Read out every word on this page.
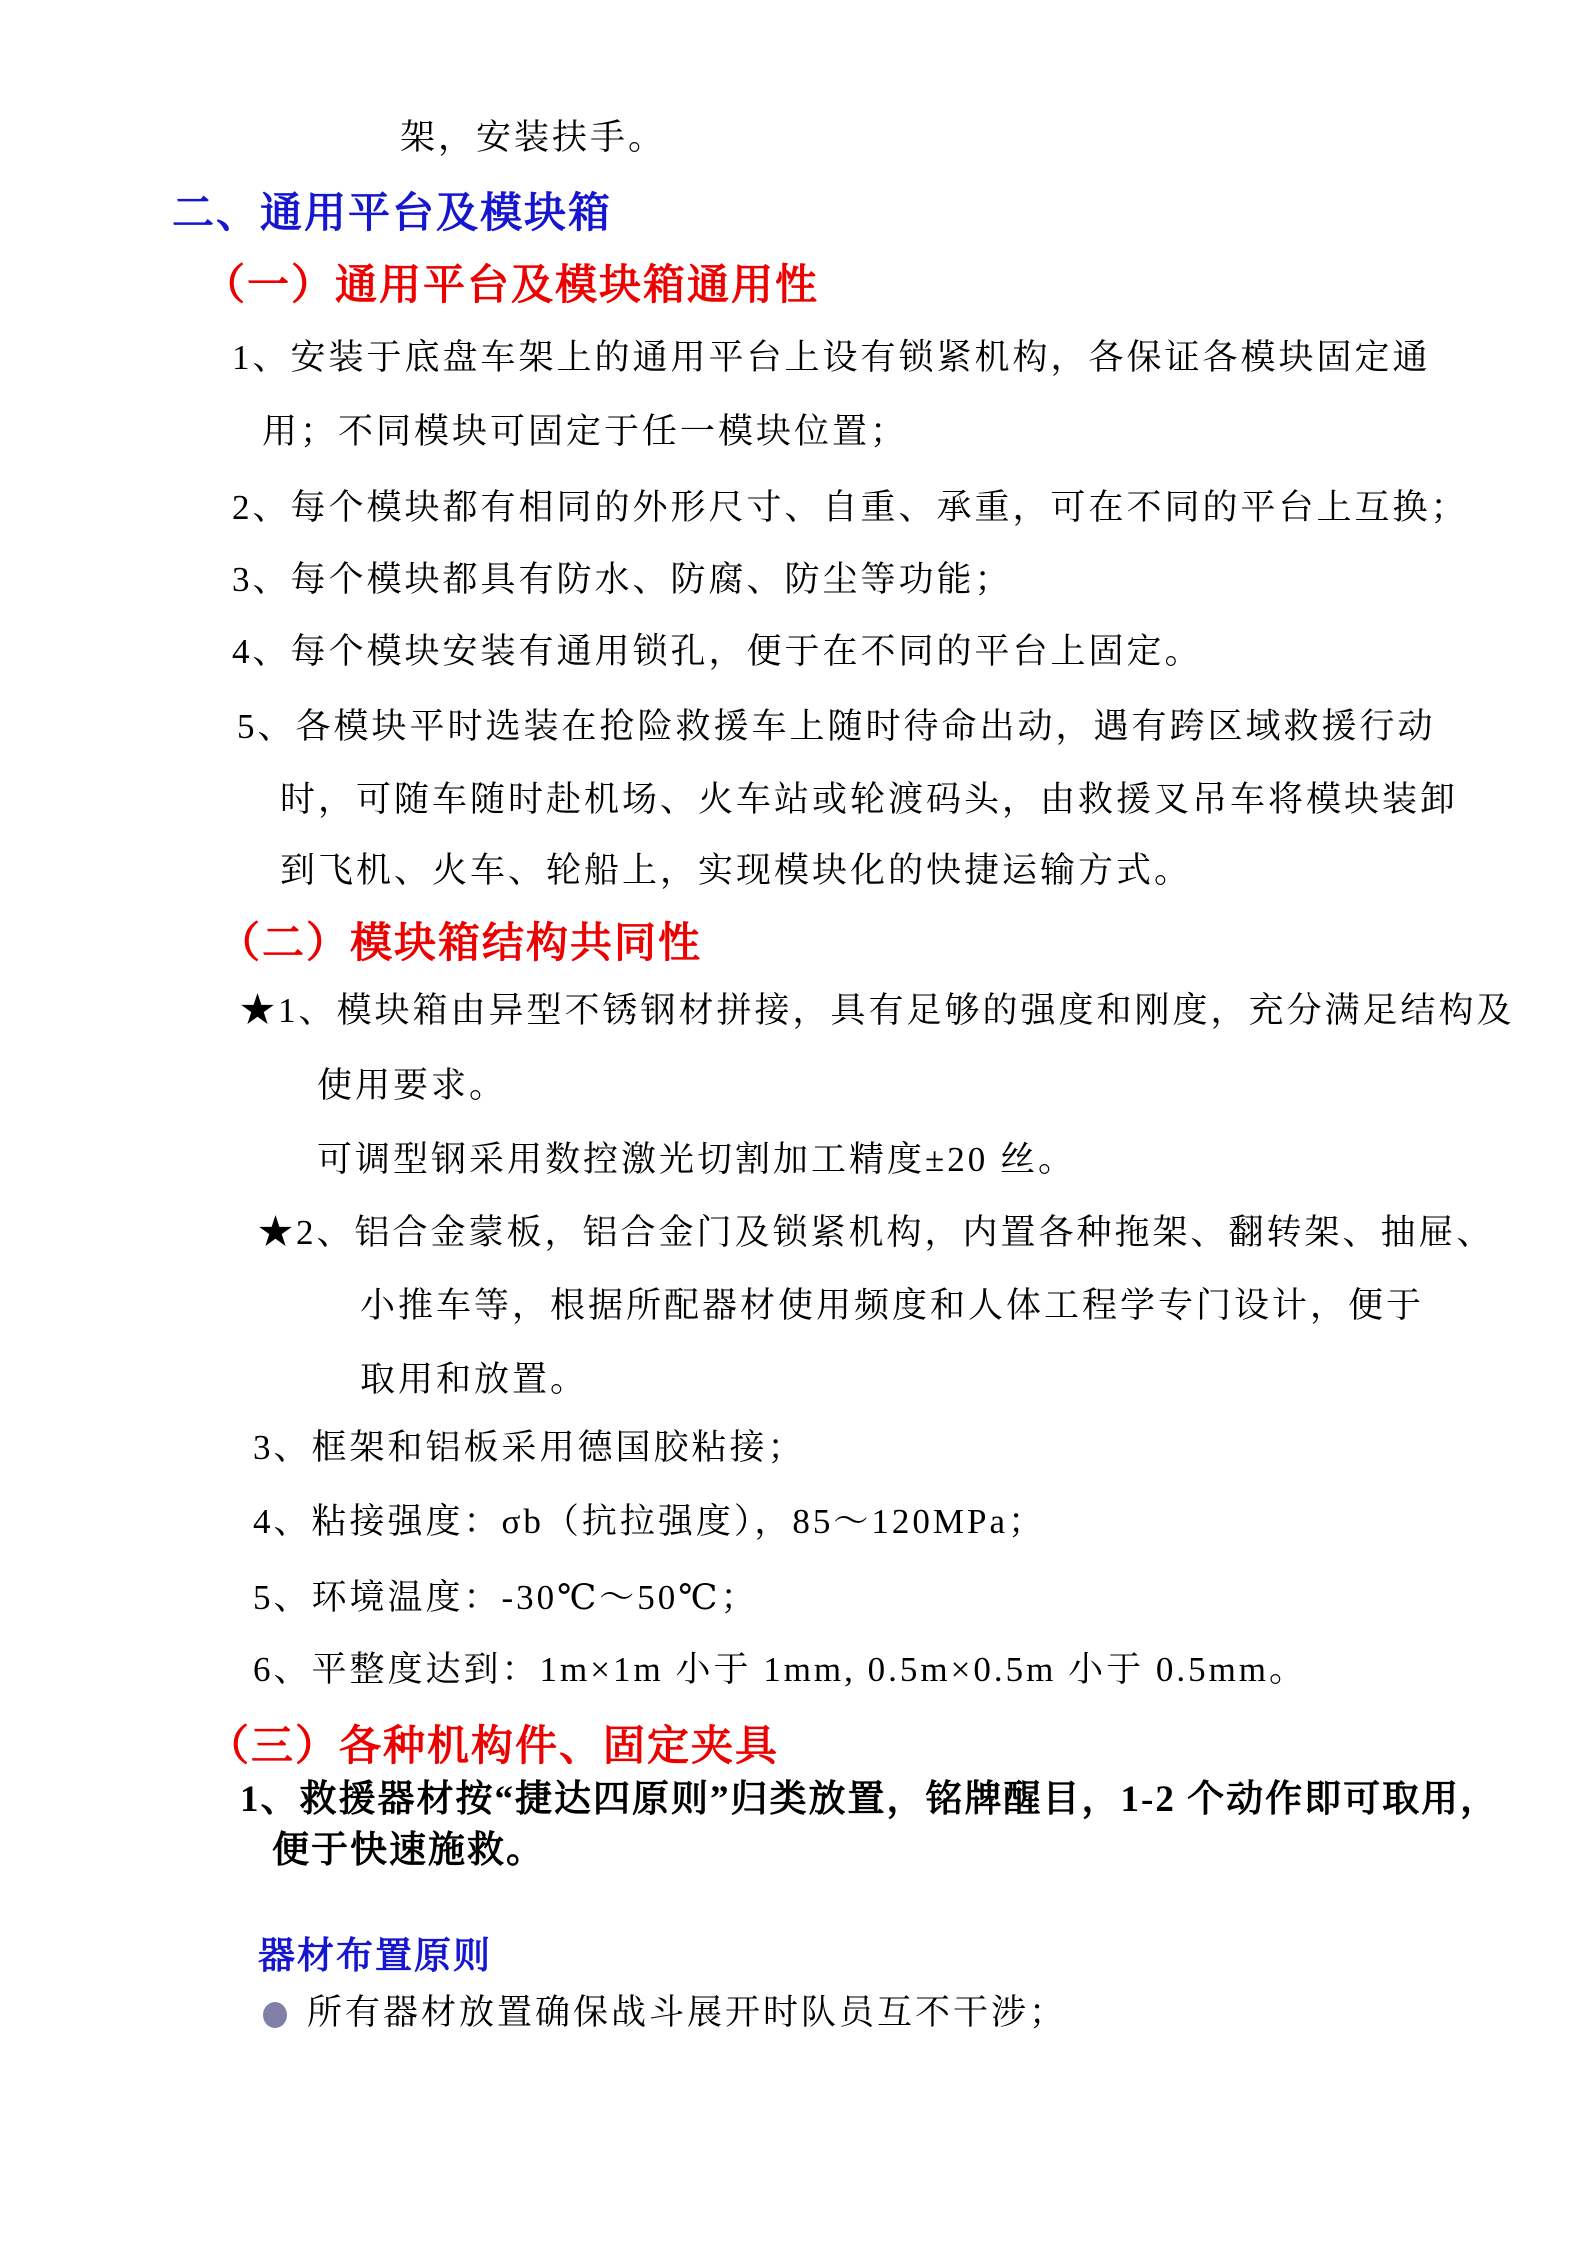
架，安装扶手。
二、通用平台及模块箱
（一）通用平台及模块箱通用性
1、安装于底盘车架上的通用平台上设有锁紧机构，各保证各模块固定通
用；不同模块可固定于任一模块位置；
2、每个模块都有相同的外形尺寸、自重、承重，可在不同的平台上互换；
3、每个模块都具有防水、防腐、防尘等功能；
4、每个模块安装有通用锁孔，便于在不同的平台上固定。
5、各模块平时选装在抢险救援车上随时待命出动，遇有跨区域救援行动
时，可随车随时赴机场、火车站或轮渡码头，由救援叉吊车将模块装卸
到飞机、火车、轮船上，实现模块化的快捷运输方式。
（二）模块箱结构共同性
★1、模块箱由异型不锈钢材拼接，具有足够的强度和刚度，充分满足结构及
使用要求。
可调型钢采用数控激光切割加工精度±20 丝。
★2、铝合金蒙板，铝合金门及锁紧机构，内置各种拖架、翻转架、抽屉、
小推车等，根据所配器材使用频度和人体工程学专门设计，便于
取用和放置。
3、框架和铝板采用德国胶粘接；
4、粘接强度：σb（抗拉强度），85～120MPa；
5、环境温度：-30℃～50℃；
6、平整度达到：1m×1m 小于 1mm, 0.5m×0.5m 小于 0.5mm。
（三）各种机构件、固定夹具
1、救援器材按“捷达四原则”归类放置，铭牌醒目，1-2 个动作即可取用，
便于快速施救。
器材布置原则
所有器材放置确保战斗展开时队员互不干涉；
